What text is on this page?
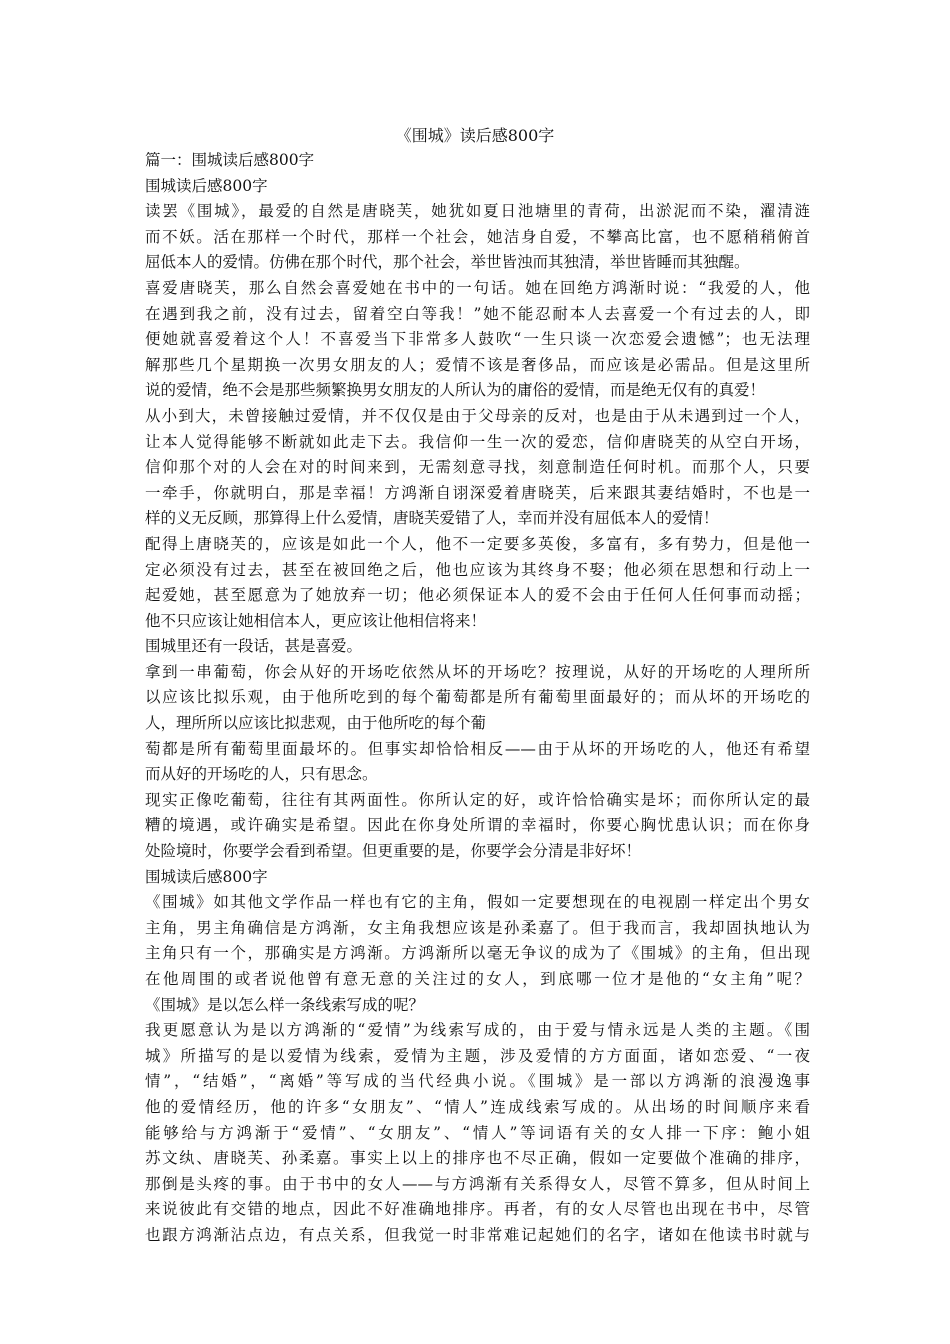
《围城》读后感800字
篇一：围城读后感800字
围城读后感800字
读罢《围城》，最爱的自然是唐晓芙，她犹如夏日池塘里的青荷，出淤泥而不染，濯清涟
而不妖。活在那样一个时代，那样一个社会，她洁身自爱，不攀高比富，也不愿稍稍俯首
屈低本人的爱情。仿佛在那个时代，那个社会，举世皆浊而其独清，举世皆睡而其独醒。
喜爱唐晓芙，那么自然会喜爱她在书中的一句话。她在回绝方鸿渐时说：“我爱的人，他
在遇到我之前，没有过去，留着空白等我！”她不能忍耐本人去喜爱一个有过去的人，即
便她就喜爱着这个人！不喜爱当下非常多人鼓吹“一生只谈一次恋爱会遗憾”；也无法理
解那些几个星期换一次男女朋友的人；爱情不该是奢侈品，而应该是必需品。但是这里所
说的爱情，绝不会是那些频繁换男女朋友的人所认为的庸俗的爱情，而是绝无仅有的真爱！
从小到大，未曾接触过爱情，并不仅仅是由于父母亲的反对，也是由于从未遇到过一个人，
让本人觉得能够不断就如此走下去。我信仰一生一次的爱恋，信仰唐晓芙的从空白开场，
信仰那个对的人会在对的时间来到，无需刻意寻找，刻意制造任何时机。而那个人，只要
一牵手，你就明白，那是幸福！方鸿渐自诩深爱着唐晓芙，后来跟其妻结婚时，不也是一
样的义无反顾，那算得上什么爱情，唐晓芙爱错了人，幸而并没有屈低本人的爱情！
配得上唐晓芙的，应该是如此一个人，他不一定要多英俊，多富有，多有势力，但是他一
定必须没有过去，甚至在被回绝之后，他也应该为其终身不娶；他必须在思想和行动上一
起爱她，甚至愿意为了她放弃一切；他必须保证本人的爱不会由于任何人任何事而动摇；
他不只应该让她相信本人，更应该让他相信将来！
围城里还有一段话，甚是喜爱。
拿到一串葡萄，你会从好的开场吃依然从坏的开场吃？按理说，从好的开场吃的人理所所
以应该比拟乐观，由于他所吃到的每个葡萄都是所有葡萄里面最好的；而从坏的开场吃的
人，理所所以应该比拟悲观，由于他所吃的每个葡
萄都是所有葡萄里面最坏的。但事实却恰恰相反——由于从坏的开场吃的人，他还有希望
而从好的开场吃的人，只有思念。
现实正像吃葡萄，往往有其两面性。你所认定的好，或许恰恰确实是坏；而你所认定的最
糟的境遇，或许确实是希望。因此在你身处所谓的幸福时，你要心胸忧患认识；而在你身
处险境时，你要学会看到希望。但更重要的是，你要学会分清是非好坏！
围城读后感800字
《围城》如其他文学作品一样也有它的主角，假如一定要想现在的电视剧一样定出个男女
主角，男主角确信是方鸿渐，女主角我想应该是孙柔嘉了。但于我而言，我却固执地认为
主角只有一个，那确实是方鸿渐。方鸿渐所以毫无争议的成为了《围城》的主角，但出现
在他周围的或者说他曾有意无意的关注过的女人，到底哪一位才是他的“女主角”呢？
《围城》是以怎么样一条线索写成的呢？
我更愿意认为是以方鸿渐的“爱情”为线索写成的，由于爱与情永远是人类的主题。《围
城》所描写的是以爱情为线索，爱情为主题，涉及爱情的方方面面，诸如恋爱、“一夜
情”，“结婚”，“离婚”等写成的当代经典小说。《围城》是一部以方鸿渐的浪漫逸事
他的爱情经历，他的许多“女朋友”、“情人”连成线索写成的。从出场的时间顺序来看
能够给与方鸿渐于“爱情”、“女朋友”、“情人”等词语有关的女人排一下序：鲍小姐
苏文纨、唐晓芙、孙柔嘉。事实上以上的排序也不尽正确，假如一定要做个准确的排序，
那倒是头疼的事。由于书中的女人——与方鸿渐有关系得女人，尽管不算多，但从时间上
来说彼此有交错的地点，因此不好准确地排序。再者，有的女人尽管也出现在书中，尽管
也跟方鸿渐沾点边，有点关系，但我觉一时非常难记起她们的名字，诸如在他读书时就与
